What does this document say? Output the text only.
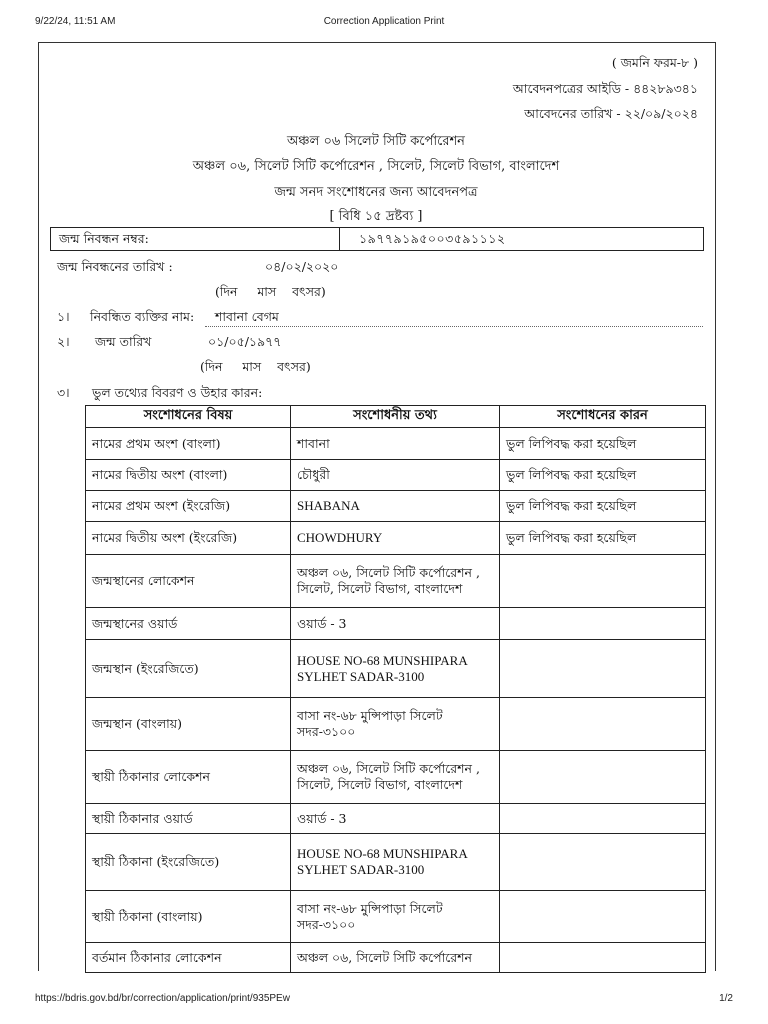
9/22/24, 11:51 AM	Correction Application Print
( জমনি ফরম-৮ )
আবেদনপত্রের আইডি - ৪৪২৮৯৩৪১
আবেদনের তারিখ - ২২/০৯/২০২৪
অঞ্চল ০৬ সিলেট সিটি কর্পোরেশন
অঞ্চল ০৬, সিলেট সিটি কর্পোরেশন , সিলেট, সিলেট বিভাগ, বাংলাদেশ
জন্ম সনদ সংশোধনের জন্য আবেদনপত্র
[ বিধি ১৫ দ্রষ্টব্য ]
জন্ম নিবন্ধন নম্বর:	১৯৭৭৯১৯৫০০৩৫৯১১১২
জন্ম নিবন্ধনের তারিখ :	০৪/০২/২০২০
(দিন     মাস    বৎসর)
১। নিবন্ধিত ব্যক্তির নাম: শাবানা বেগম
২। জন্ম তারিখ	০১/০৫/১৯৭৭
(দিন     মাস    বৎসর)
৩। ভুল তথ্যের বিবরণ ও উহার কারন:
সংশোধনের বিষয়	সংশোধনীয় তথ্য	সংশোধনের কারন
নামের প্রথম অংশ (বাংলা)	শাবানা	ভুল লিপিবদ্ধ করা হয়েছিল
নামের দ্বিতীয় অংশ (বাংলা)	চৌধুরী	ভুল লিপিবদ্ধ করা হয়েছিল
নামের প্রথম অংশ (ইংরেজি)	SHABANA	ভুল লিপিবদ্ধ করা হয়েছিল
নামের দ্বিতীয় অংশ (ইংরেজি)	CHOWDHURY	ভুল লিপিবদ্ধ করা হয়েছিল
জন্মস্থানের লোকেশন	অঞ্চল ০৬, সিলেট সিটি কর্পোরেশন , সিলেট, সিলেট বিভাগ, বাংলাদেশ	
জন্মস্থানের ওয়ার্ড	ওয়ার্ড - 3	
জন্মস্থান (ইংরেজিতে)	HOUSE NO-68 MUNSHIPARA SYLHET SADAR-3100	
জন্মস্থান (বাংলায়)	বাসা নং-৬৮ মুন্সিপাড়া সিলেট সদর-৩১০০	
স্থায়ী ঠিকানার লোকেশন	অঞ্চল ০৬, সিলেট সিটি কর্পোরেশন , সিলেট, সিলেট বিভাগ, বাংলাদেশ	
স্থায়ী ঠিকানার ওয়ার্ড	ওয়ার্ড - 3	
স্থায়ী ঠিকানা (ইংরেজিতে)	HOUSE NO-68 MUNSHIPARA SYLHET SADAR-3100	
স্থায়ী ঠিকানা (বাংলায়)	বাসা নং-৬৮ মুন্সিপাড়া সিলেট সদর-৩১০০	
বর্তমান ঠিকানার লোকেশন	অঞ্চল ০৬, সিলেট সিটি কর্পোরেশন	
https://bdris.gov.bd/br/correction/application/print/935PEw	1/2
